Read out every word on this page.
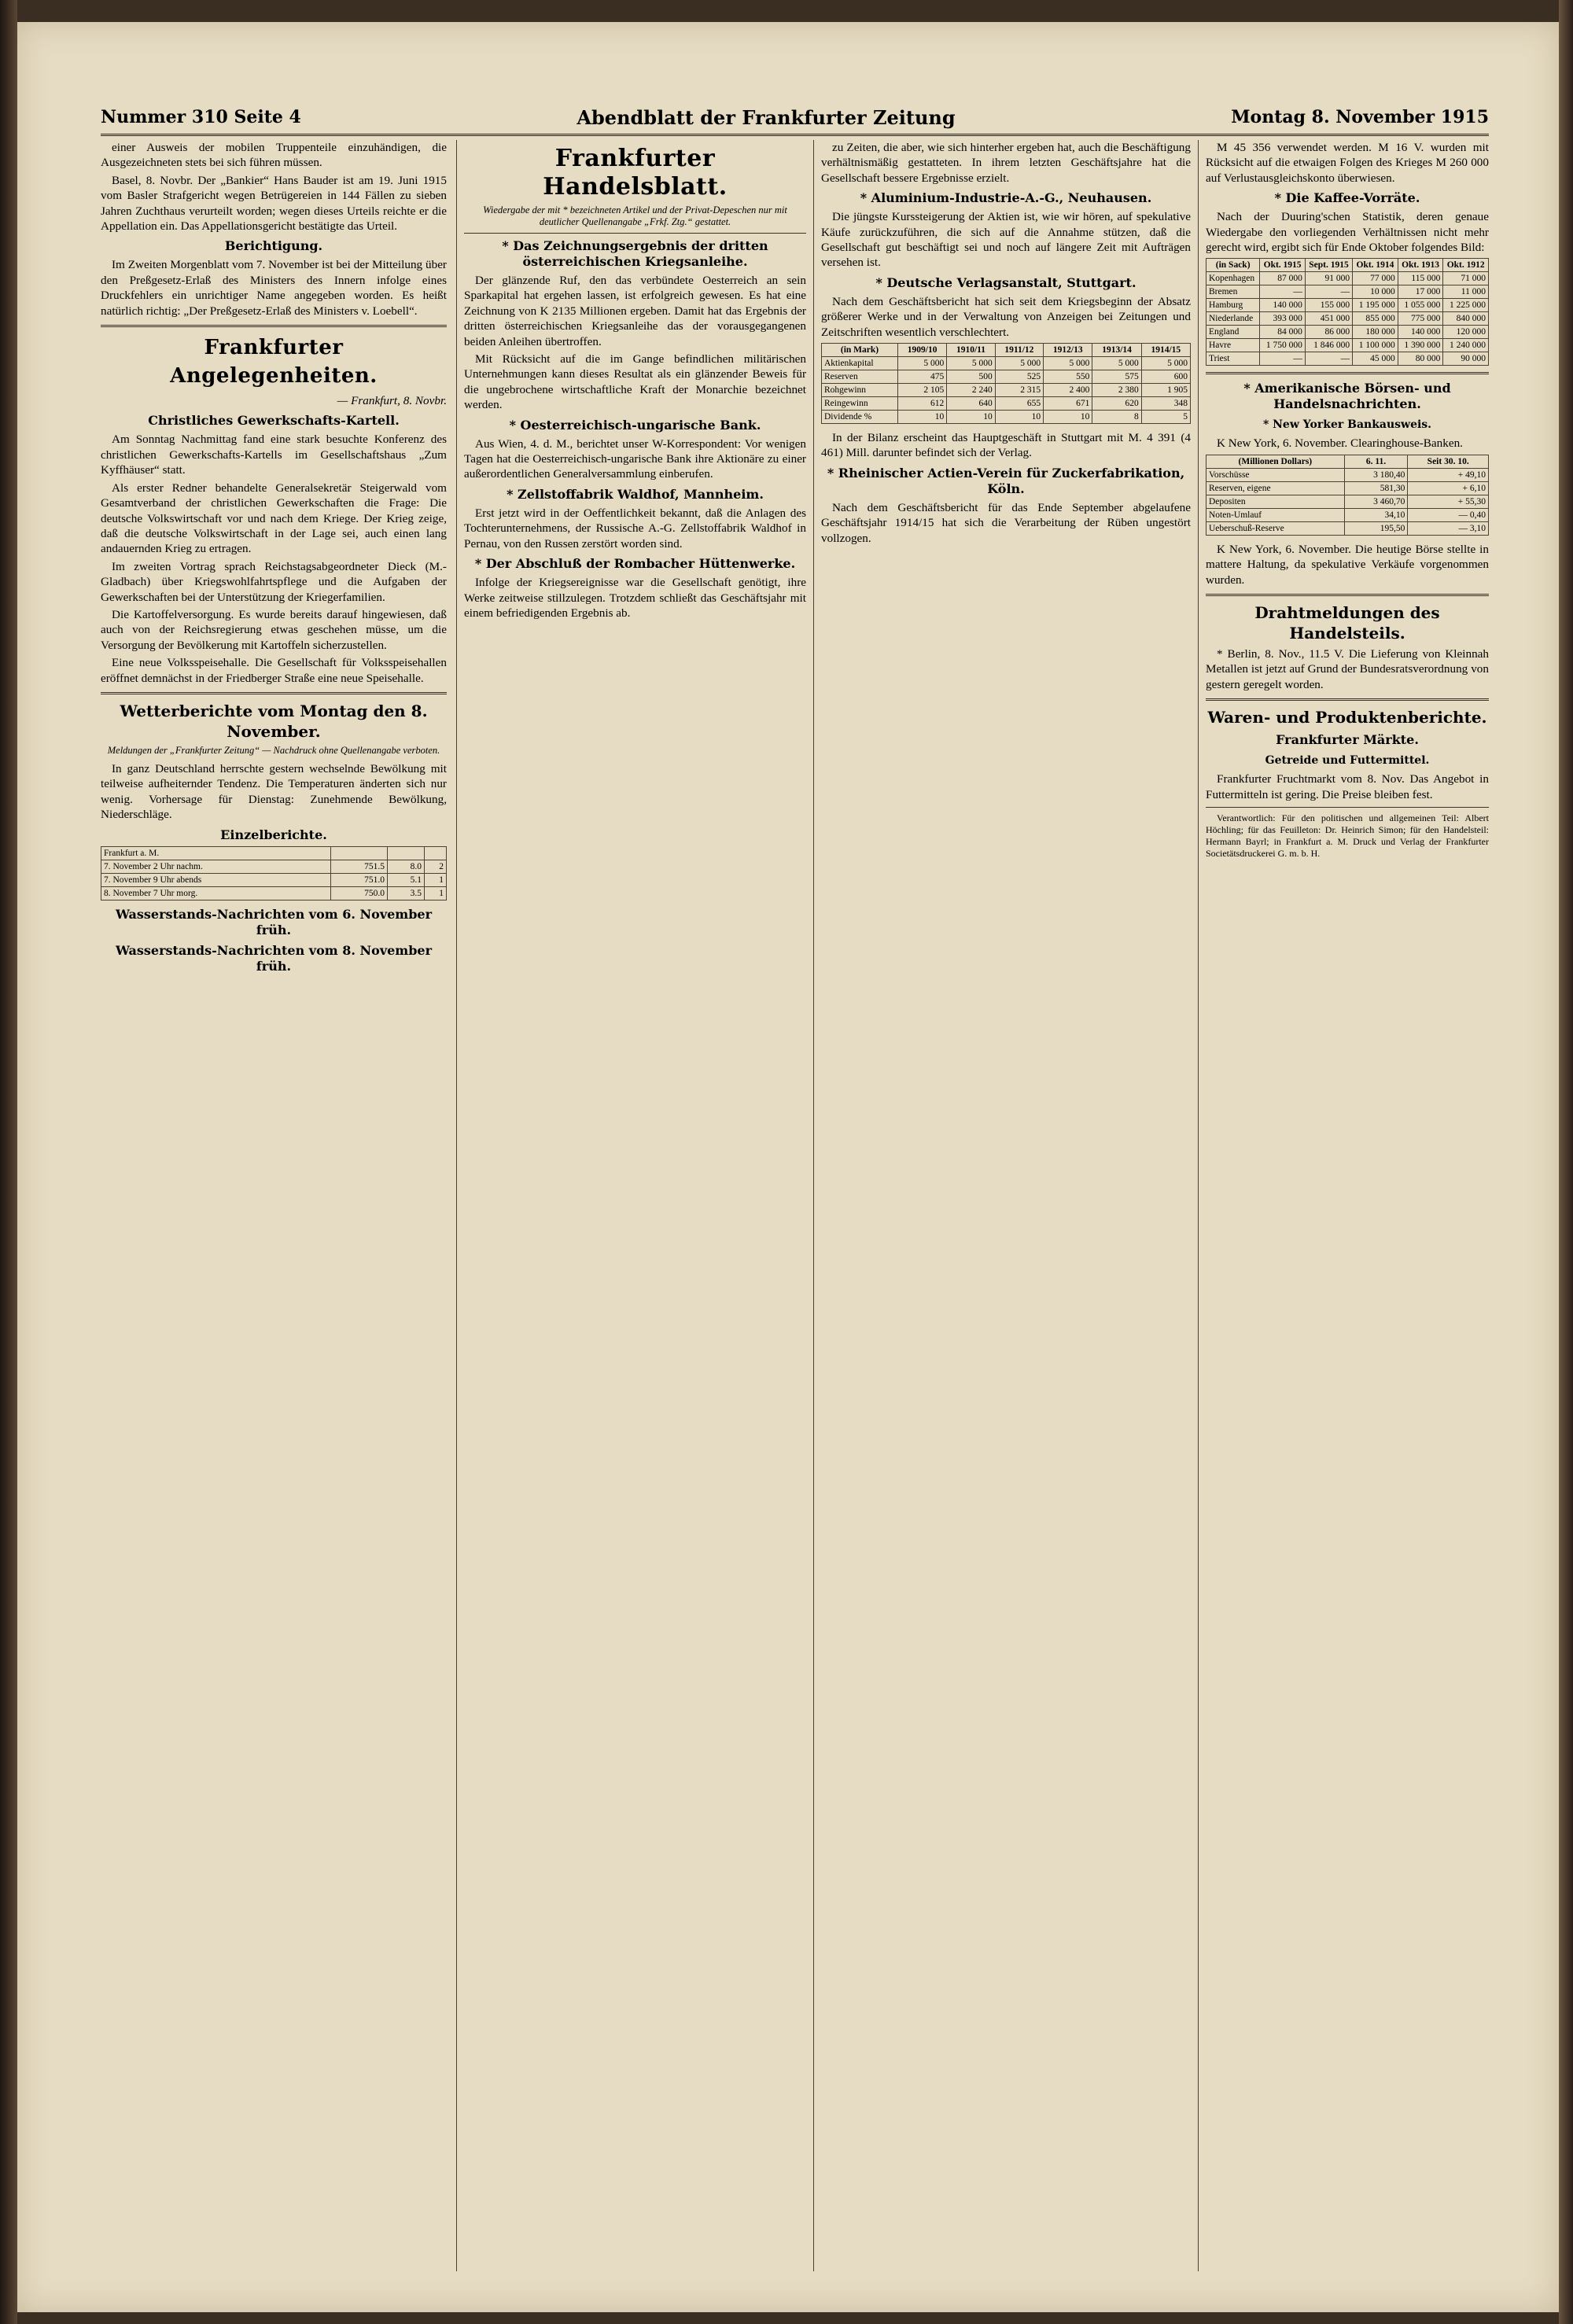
Nummer 310 Seite 4	Abendblatt der Frankfurter Zeitung	Montag 8. November 1915

einer Ausweis der mobilen Truppenteile einzuhändigen, die Ausgezeichneten stets bei sich führen müssen.

Basel, 8. Novbr. Der „Bankier“ Hans Bauder ist am 19. Juni 1915 vom Basler Strafgericht wegen Betrügereien in 144 Fällen zu sieben Jahren Zuchthaus verurteilt worden; wegen dieses Urteils reichte er die Appellation ein. Das Appellationsgericht bestätigte das Urteil.

Berichtigung.

Im Zweiten Morgenblatt vom 7. November ist bei der Mitteilung über den Preßgesetz-Erlaß des Ministers des Innern infolge eines Druckfehlers ein unrichtiger Name angegeben worden. Es heißt natürlich richtig: „Der Preßgesetz-Erlaß des Ministers v. Loebell“.

Frankfurter Angelegenheiten.
— Frankfurt, 8. Novbr.
Christliches Gewerkschafts-Kartell.

Am Sonntag Nachmittag fand eine stark besuchte Konferenz des christlichen Gewerkschafts-Kartells im Gesellschaftshaus „Zum Kyffhäuser“ statt.

Als erster Redner behandelte Generalsekretär Steigerwald vom Gesamtverband der christlichen Gewerkschaften die Frage: Die deutsche Volkswirtschaft vor und nach dem Kriege. Der Krieg zeige, daß die deutsche Volkswirtschaft in der Lage sei, auch einen lang andauernden Krieg zu ertragen.

Im zweiten Vortrag sprach Reichstagsabgeordneter Dieck (M.-Gladbach) über Kriegswohlfahrtspflege und die Aufgaben der Gewerkschaften bei der Unterstützung der Kriegerfamilien.

Die Kartoffelversorgung. Es wurde bereits darauf hingewiesen, daß auch von der Reichsregierung etwas geschehen müsse, um die Versorgung der Bevölkerung mit Kartoffeln sicherzustellen.

Eine neue Volksspeisehalle. Die Gesellschaft für Volksspeisehallen eröffnet demnächst in der Friedberger Straße eine neue Speisehalle.

Wetterberichte vom Montag den 8. November.
Meldungen der „Frankfurter Zeitung“ — Nachdruck ohne Quellenangabe verboten.

In ganz Deutschland herrschte gestern wechselnde Bewölkung mit teilweise aufheiternder Tendenz. Die Temperaturen änderten sich nur wenig. Vorhersage für Dienstag: Zunehmende Bewölkung, Niederschläge.

Einzelberichte.
Frankfurt a. M.			
7. November 2 Uhr nachm.	751.5	8.0	2
7. November 9 Uhr abends	751.0	5.1	1
8. November 7 Uhr morg.	750.0	3.5	1
Wasserstands-Nachrichten vom 6. November früh.
Wasserstands-Nachrichten vom 8. November früh.
Frankfurter Handelsblatt.
Wiedergabe der mit * bezeichneten Artikel und der Privat-Depeschen nur mit deutlicher Quellenangabe „Frkf. Ztg.“ gestattet.
* Das Zeichnungsergebnis der dritten österreichischen Kriegsanleihe.

Der glänzende Ruf, den das verbündete Oesterreich an sein Sparkapital hat ergehen lassen, ist erfolgreich gewesen. Es hat eine Zeichnung von K 2135 Millionen ergeben. Damit hat das Ergebnis der dritten österreichischen Kriegsanleihe das der vorausgegangenen beiden Anleihen übertroffen.

Mit Rücksicht auf die im Gange befindlichen militärischen Unternehmungen kann dieses Resultat als ein glänzender Beweis für die ungebrochene wirtschaftliche Kraft der Monarchie bezeichnet werden.

* Oesterreichisch-ungarische Bank.

Aus Wien, 4. d. M., berichtet unser W-Korrespondent: Vor wenigen Tagen hat die Oesterreichisch-ungarische Bank ihre Aktionäre zu einer außerordentlichen Generalversammlung einberufen.

* Zellstoffabrik Waldhof, Mannheim.

Erst jetzt wird in der Oeffentlichkeit bekannt, daß die Anlagen des Tochterunternehmens, der Russische A.-G. Zellstoffabrik Waldhof in Pernau, von den Russen zerstört worden sind.

* Der Abschluß der Rombacher Hüttenwerke.

Infolge der Kriegsereignisse war die Gesellschaft genötigt, ihre Werke zeitweise stillzulegen. Trotzdem schließt das Geschäftsjahr mit einem befriedigenden Ergebnis ab.

zu Zeiten, die aber, wie sich hinterher ergeben hat, auch die Beschäftigung verhältnismäßig gestatteten. In ihrem letzten Geschäftsjahre hat die Gesellschaft bessere Ergebnisse erzielt.

* Aluminium-Industrie-A.-G., Neuhausen.

Die jüngste Kurssteigerung der Aktien ist, wie wir hören, auf spekulative Käufe zurückzuführen, die sich auf die Annahme stützen, daß die Gesellschaft gut beschäftigt sei und noch auf längere Zeit mit Aufträgen versehen ist.

* Deutsche Verlagsanstalt, Stuttgart.

Nach dem Geschäftsbericht hat sich seit dem Kriegsbeginn der Absatz größerer Werke und in der Verwaltung von Anzeigen bei Zeitungen und Zeitschriften wesentlich verschlechtert.

(in Mark)	1909/10	1910/11	1911/12	1912/13	1913/14	1914/15
Aktienkapital	5 000	5 000	5 000	5 000	5 000	5 000
Reserven	475	500	525	550	575	600
Rohgewinn	2 105	2 240	2 315	2 400	2 380	1 905
Reingewinn	612	640	655	671	620	348
Dividende %	10	10	10	10	8	5

In der Bilanz erscheint das Hauptgeschäft in Stuttgart mit M. 4 391 (4 461) Mill. darunter befindet sich der Verlag.

* Rheinischer Actien-Verein für Zuckerfabrikation, Köln.

Nach dem Geschäftsbericht für das Ende September abgelaufene Geschäftsjahr 1914/15 hat sich die Verarbeitung der Rüben ungestört vollzogen.

M 45 356 verwendet werden. M 16 V. wurden mit Rücksicht auf die etwaigen Folgen des Krieges M 260 000 auf Verlustausgleichskonto überwiesen.

* Die Kaffee-Vorräte.

Nach der Duuring'schen Statistik, deren genaue Wiedergabe den vorliegenden Verhältnissen nicht mehr gerecht wird, ergibt sich für Ende Oktober folgendes Bild:

(in Sack)	Okt. 1915	Sept. 1915	Okt. 1914	Okt. 1913	Okt. 1912
Kopenhagen	87 000	91 000	77 000	115 000	71 000
Bremen	—	—	10 000	17 000	11 000
Hamburg	140 000	155 000	1 195 000	1 055 000	1 225 000
Niederlande	393 000	451 000	855 000	775 000	840 000
England	84 000	86 000	180 000	140 000	120 000
Havre	1 750 000	1 846 000	1 100 000	1 390 000	1 240 000
Triest	—	—	45 000	80 000	90 000
* Amerikanische Börsen- und Handelsnachrichten.
* New Yorker Bankausweis.

K New York, 6. November. Clearinghouse-Banken.

(Millionen Dollars)	6. 11.	Seit 30. 10.
Vorschüsse	3 180,40	+ 49,10
Reserven, eigene	581,30	+ 6,10
Depositen	3 460,70	+ 55,30
Noten-Umlauf	34,10	— 0,40
Ueberschuß-Reserve	195,50	— 3,10

K New York, 6. November. Die heutige Börse stellte in mattere Haltung, da spekulative Verkäufe vorgenommen wurden.

Drahtmeldungen des Handelsteils.

* Berlin, 8. Nov., 11.5 V. Die Lieferung von Kleinnah Metallen ist jetzt auf Grund der Bundesratsverordnung von gestern geregelt worden.

Waren- und Produktenberichte.
Frankfurter Märkte.
Getreide und Futtermittel.

Frankfurter Fruchtmarkt vom 8. Nov. Das Angebot in Futtermitteln ist gering. Die Preise bleiben fest.

Verantwortlich: Für den politischen und allgemeinen Teil: Albert Höchling; für das Feuilleton: Dr. Heinrich Simon; für den Handelsteil: Hermann Bayrl; in Frankfurt a. M. Druck und Verlag der Frankfurter Societätsdruckerei G. m. b. H.
